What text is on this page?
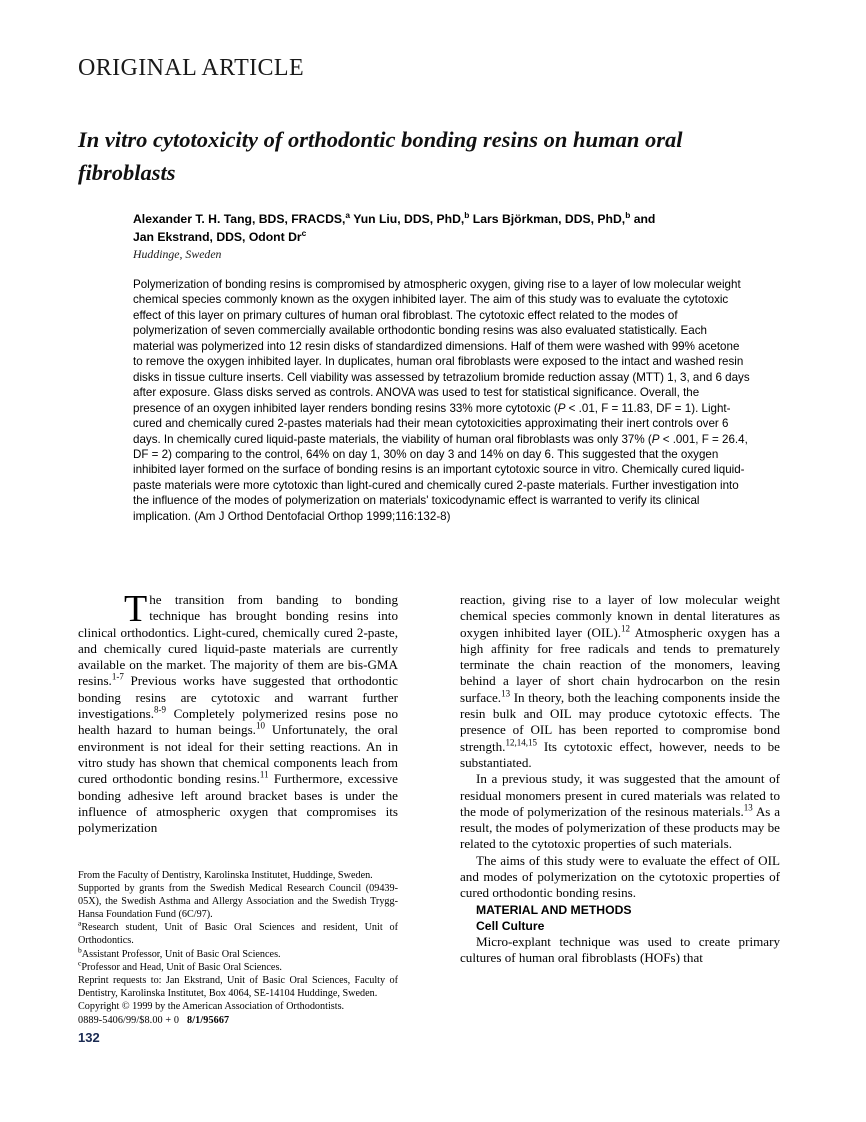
ORIGINAL ARTICLE
In vitro cytotoxicity of orthodontic bonding resins on human oral fibroblasts
Alexander T. H. Tang, BDS, FRACDS,$^a$ Yun Liu, DDS, PhD,$^b$ Lars Björkman, DDS, PhD,$^b$ and
Jan Ekstrand, DDS, Odont Dr$^c$
Huddinge, Sweden
Polymerization of bonding resins is compromised by atmospheric oxygen, giving rise to a layer of low molecular weight chemical species commonly known as the oxygen inhibited layer. The aim of this study was to evaluate the cytotoxic effect of this layer on primary cultures of human oral fibroblast. The cytotoxic effect related to the modes of polymerization of seven commercially available orthodontic bonding resins was also evaluated statistically. Each material was polymerized into 12 resin disks of standardized dimensions. Half of them were washed with 99% acetone to remove the oxygen inhibited layer. In duplicates, human oral fibroblasts were exposed to the intact and washed resin disks in tissue culture inserts. Cell viability was assessed by tetrazolium bromide reduction assay (MTT) 1, 3, and 6 days after exposure. Glass disks served as controls. ANOVA was used to test for statistical significance. Overall, the presence of an oxygen inhibited layer renders bonding resins 33% more cytotoxic (P < .01, F = 11.83, DF = 1). Light-cured and chemically cured 2-pastes materials had their mean cytotoxicities approximating their inert controls over 6 days. In chemically cured liquid-paste materials, the viability of human oral fibroblasts was only 37% (P < .001, F = 26.4, DF = 2) comparing to the control, 64% on day 1, 30% on day 3 and 14% on day 6. This suggested that the oxygen inhibited layer formed on the surface of bonding resins is an important cytotoxic source in vitro. Chemically cured liquid-paste materials were more cytotoxic than light-cured and chemically cured 2-paste materials. Further investigation into the influence of the modes of polymerization on materials' toxicodynamic effect is warranted to verify its clinical implication. (Am J Orthod Dentofacial Orthop 1999;116:132-8)

The transition from banding to bonding technique has brought bonding resins into clinical orthodontics. Light-cured, chemically cured 2-paste, and chemically cured liquid-paste materials are currently available on the market. The majority of them are bis-GMA resins.$^{1-7}$ Previous works have suggested that orthodontic bonding resins are cytotoxic and warrant further investigations.$^{8-9}$ Completely polymerized resins pose no health hazard to human beings.$^{10}$ Unfortunately, the oral environment is not ideal for their setting reactions. An in vitro study has shown that chemical components leach from cured orthodontic bonding resins.$^{11}$ Furthermore, excessive bonding adhesive left around bracket bases is under the influence of atmospheric oxygen that compromises its polymerization

reaction, giving rise to a layer of low molecular weight chemical species commonly known in dental literatures as oxygen inhibited layer (OIL).$^{12}$ Atmospheric oxygen has a high affinity for free radicals and tends to prematurely terminate the chain reaction of the monomers, leaving behind a layer of short chain hydrocarbon on the resin surface.$^{13}$ In theory, both the leaching components inside the resin bulk and OIL may produce cytotoxic effects. The presence of OIL has been reported to compromise bond strength.$^{12,14,15}$ Its cytotoxic effect, however, needs to be substantiated.

In a previous study, it was suggested that the amount of residual monomers present in cured materials was related to the mode of polymerization of the resinous materials.$^{13}$ As a result, the modes of polymerization of these products may be related to the cytotoxic properties of such materials.

The aims of this study were to evaluate the effect of OIL and modes of polymerization on the cytotoxic properties of cured orthodontic bonding resins.

MATERIAL AND METHODS

Cell Culture

Micro-explant technique was used to create primary cultures of human oral fibroblasts (HOFs) that

From the Faculty of Dentistry, Karolinska Institutet, Huddinge, Sweden.

Supported by grants from the Swedish Medical Research Council (09439-05X), the Swedish Asthma and Allergy Association and the Swedish Trygg-Hansa Foundation Fund (6C/97).

$^a$Research student, Unit of Basic Oral Sciences and resident, Unit of Orthodontics.

$^b$Assistant Professor, Unit of Basic Oral Sciences.

$^c$Professor and Head, Unit of Basic Oral Sciences.

Reprint requests to: Jan Ekstrand, Unit of Basic Oral Sciences, Faculty of Dentistry, Karolinska Institutet, Box 4064, SE-14104 Huddinge, Sweden.

Copyright © 1999 by the American Association of Orthodontists.

0889-5406/99/$8.00 + 0 8/1/95667

132
